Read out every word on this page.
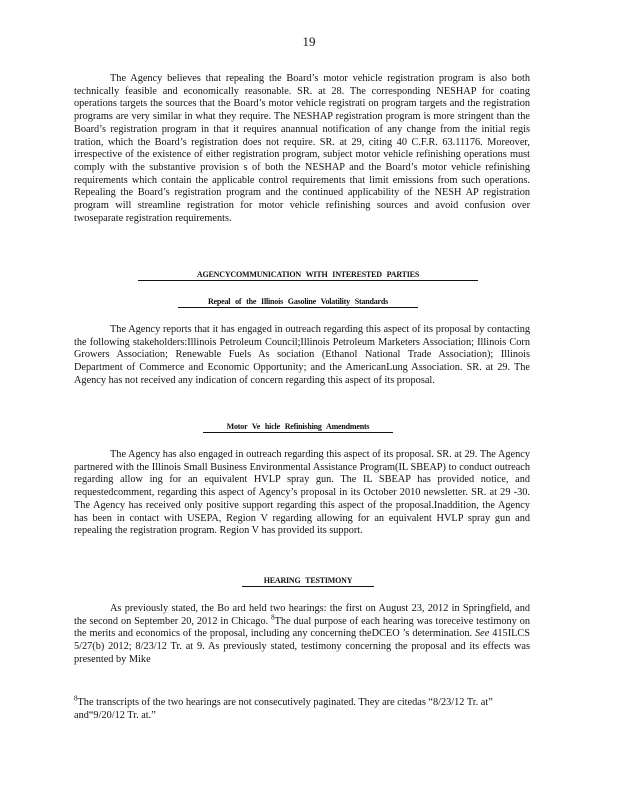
19

The Agency believes that repealing the Board’s motor vehicle registration program is also both technically feasible and economically reasonable. SR. at 28. The corresponding NESHAP for coating operations targets the sources that the Board’s motor vehicle registrati on program targets and the registration programs are very similar in what they require. The NESHAP registration program is more stringent than the Board’s registration program in that it requires anannual notification of any change from the initial regis tration, which the Board’s registration does not require. SR. at 29, citing 40 C.F.R. 63.11176. Moreover, irrespective of the existence of either registration program, subject motor vehicle refinishing operations must comply with the substantive provision s of both the NESHAP and the Board’s motor vehicle refinishing requirements which contain the applicable control requirements that limit emissions from such operations. Repealing the Board’s registration program and the continued applicability of the NESH AP registration program will streamline registration for motor vehicle refinishing sources and avoid confusion over twoseparate registration requirements.

AGENCYCOMMUNICATION WITH INTERESTED PARTIES
Repeal of the Illinois Gasoline Volatility Standards

The Agency reports that it has engaged in outreach regarding this aspect of its proposal by contacting the following stakeholders:Illinois Petroleum Council;Illinois Petroleum Marketers Association; Illinois Corn Growers Association; Renewable Fuels As sociation (Ethanol National Trade Association); Illinois Department of Commerce and Economic Opportunity; and the AmericanLung Association. SR. at 29. The Agency has not received any indication of concern regarding this aspect of its proposal.

Motor Ve hicle Refinishing Amendments

The Agency has also engaged in outreach regarding this aspect of its proposal. SR. at 29. The Agency partnered with the Illinois Small Business Environmental Assistance Program(IL SBEAP) to conduct outreach regarding allow ing for an equivalent HVLP spray gun. The IL SBEAP has provided notice, and requestedcomment, regarding this aspect of Agency’s proposal in its October 2010 newsletter. SR. at 29 -30. The Agency has received only positive support regarding this aspect of the proposal.Inaddition, the Agency has been in contact with USEPA, Region V regarding allowing for an equivalent HVLP spray gun and repealing the registration program. Region V has provided its support.

HEARING TESTIMONY

As previously stated, the Bo ard held two hearings: the first on August 23, 2012 in Springfield, and the second on September 20, 2012 in Chicago. $^8$The dual purpose of each hearing was toreceive testimony on the merits and economics of the proposal, including any concerning theDCEO ’s determination. See 415ILCS 5/27(b) 2012; 8/23/12 Tr. at 9. As previously stated, testimony concerning the proposal and its effects was presented by Mike

$^8$The transcripts of the two hearings are not consecutively paginated. They are citedas “8/23/12 Tr. at” and“9/20/12 Tr. at.”
